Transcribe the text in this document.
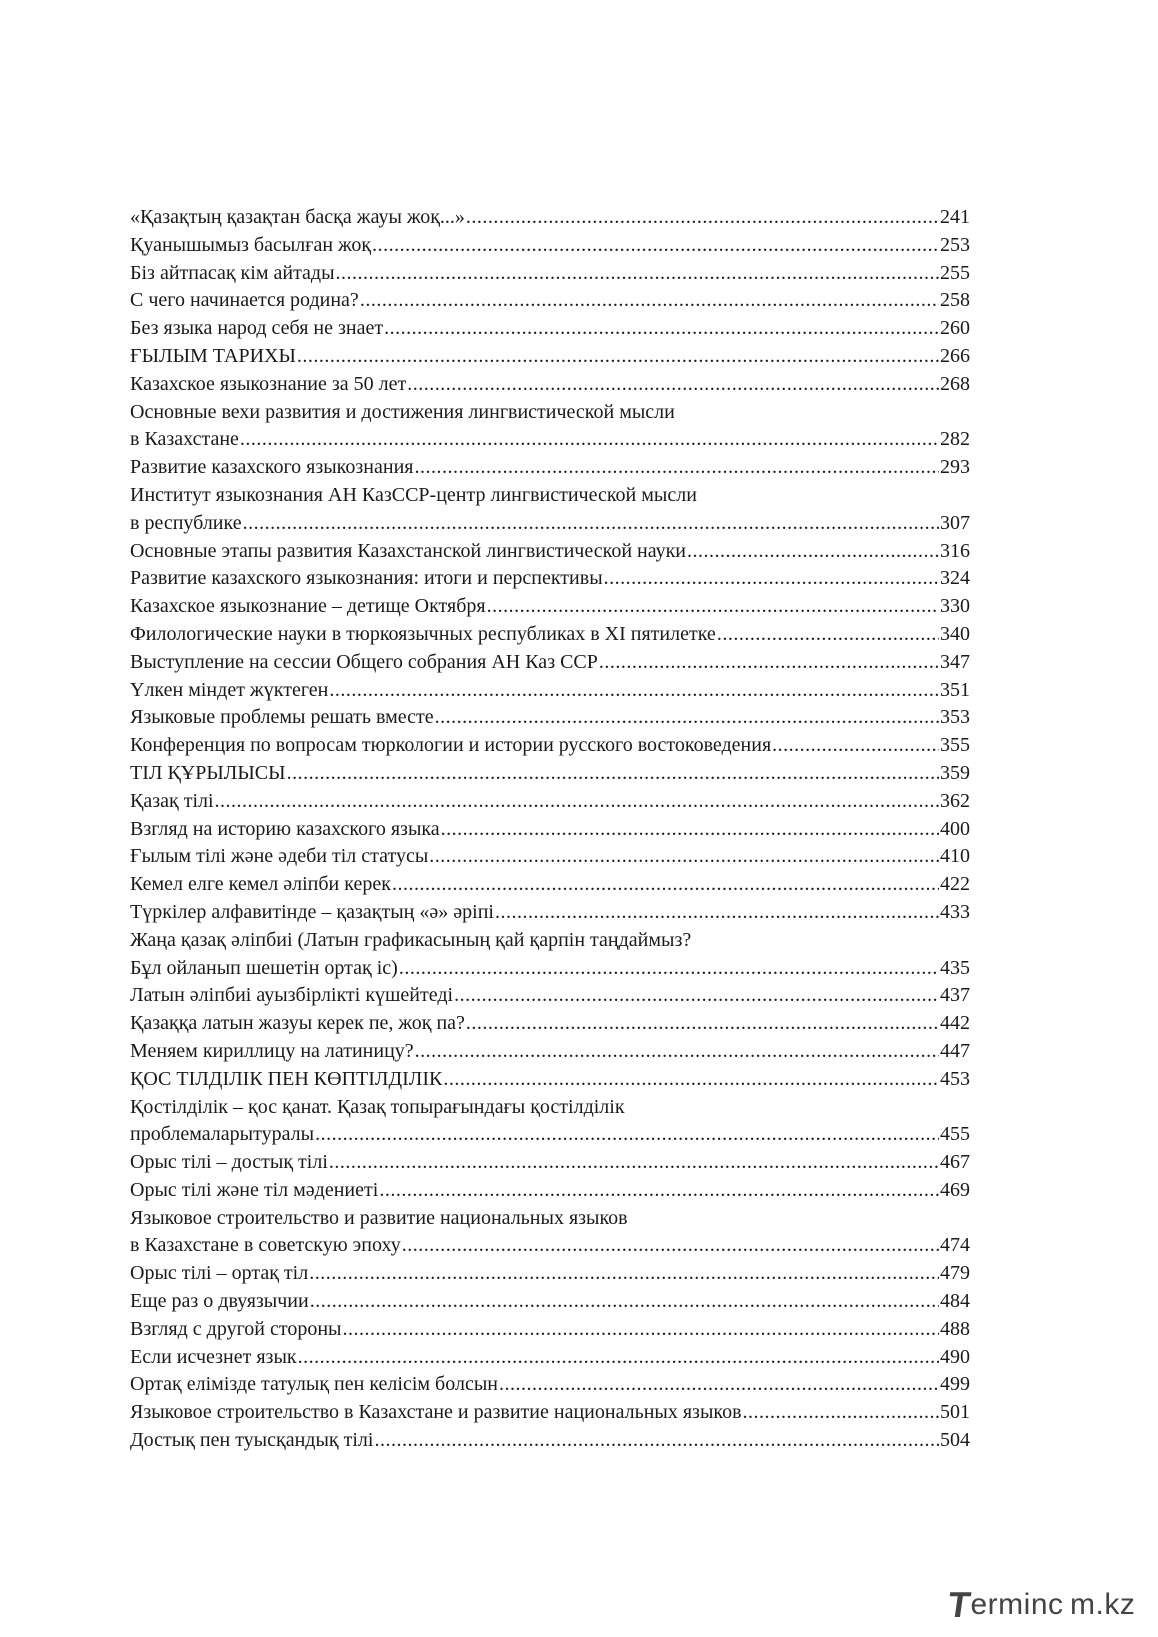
«Қазақтың қазақтан басқа жауы жоқ...» .....	241
Қуанышымыз басылған жоқ .....	253
Біз айтпасақ кім айтады .....	255
С чего начинается родина? .....	258
Без языка народ себя не знает .....	260
ҒЫЛЫМ ТАРИХЫ .....	266
Казахское языкознание за 50 лет .....	268
Основные вехи развития и достижения лингвистической мысли
в Казахстане .....	282
Развитие казахского языкознания .....	293
Институт языкознания АН КазССР-центр лингвистической мысли
в республике .....	307
Основные этапы развития Казахстанской лингвистической науки .....	316
Развитие казахского языкознания: итоги и перспективы .....	324
Казахское языкознание – детище Октября .....	330
Филологические науки в тюркоязычных республиках в XI пятилетке .....	340
Выступление на сессии Общего собрания АН Каз ССР .....	347
Үлкен міндет жүктеген .....	351
Языковые проблемы решать вместе .....	353
Конференция по вопросам тюркологии и истории русского востоковедения .....	355
ТІЛ ҚҰРЫЛЫСЫ .....	359
Қазақ тілі .....	362
Взгляд на историю казахского языка .....	400
Ғылым тілі және әдеби тіл статусы .....	410
Кемел елге кемел әліпби керек .....	422
Түркілер алфавитінде – қазақтың «ә» әріпі .....	433
Жаңа қазақ әліпбиі (Латын графикасының қай қарпін таңдаймыз?
Бұл ойланып шешетін ортақ іс) .....	435
Латын әліпбиі ауызбірлікті күшейтеді .....	437
Қазаққа латын жазуы керек пе, жоқ па? .....	442
Меняем кириллицу на латиницу? .....	447
ҚОС ТІЛДІЛІК ПЕН КӨПТІЛДІЛІК .....	453
Қостілділік – қос қанат. Қазақ топырағындағы қостілділік
проблемаларытуралы .....	455
Орыс тілі – достық тілі .....	467
Орыс тілі және тіл мәдениеті .....	469
Языковое строительство и развитие национальных языков
в Казахстане в советскую эпоху .....	474
Орыс тілі – ортақ тіл .....	479
Еще раз о двуязычии .....	484
Взгляд с другой стороны .....	488
Если исчезнет язык .....	490
Ортақ елімізде татулық пен келісім болсын .....	499
Языковое строительство в Казахстане и развитие национальных языков .....	501
Достық пен туысқандық тілі .....	504
T
erminc m.kz
